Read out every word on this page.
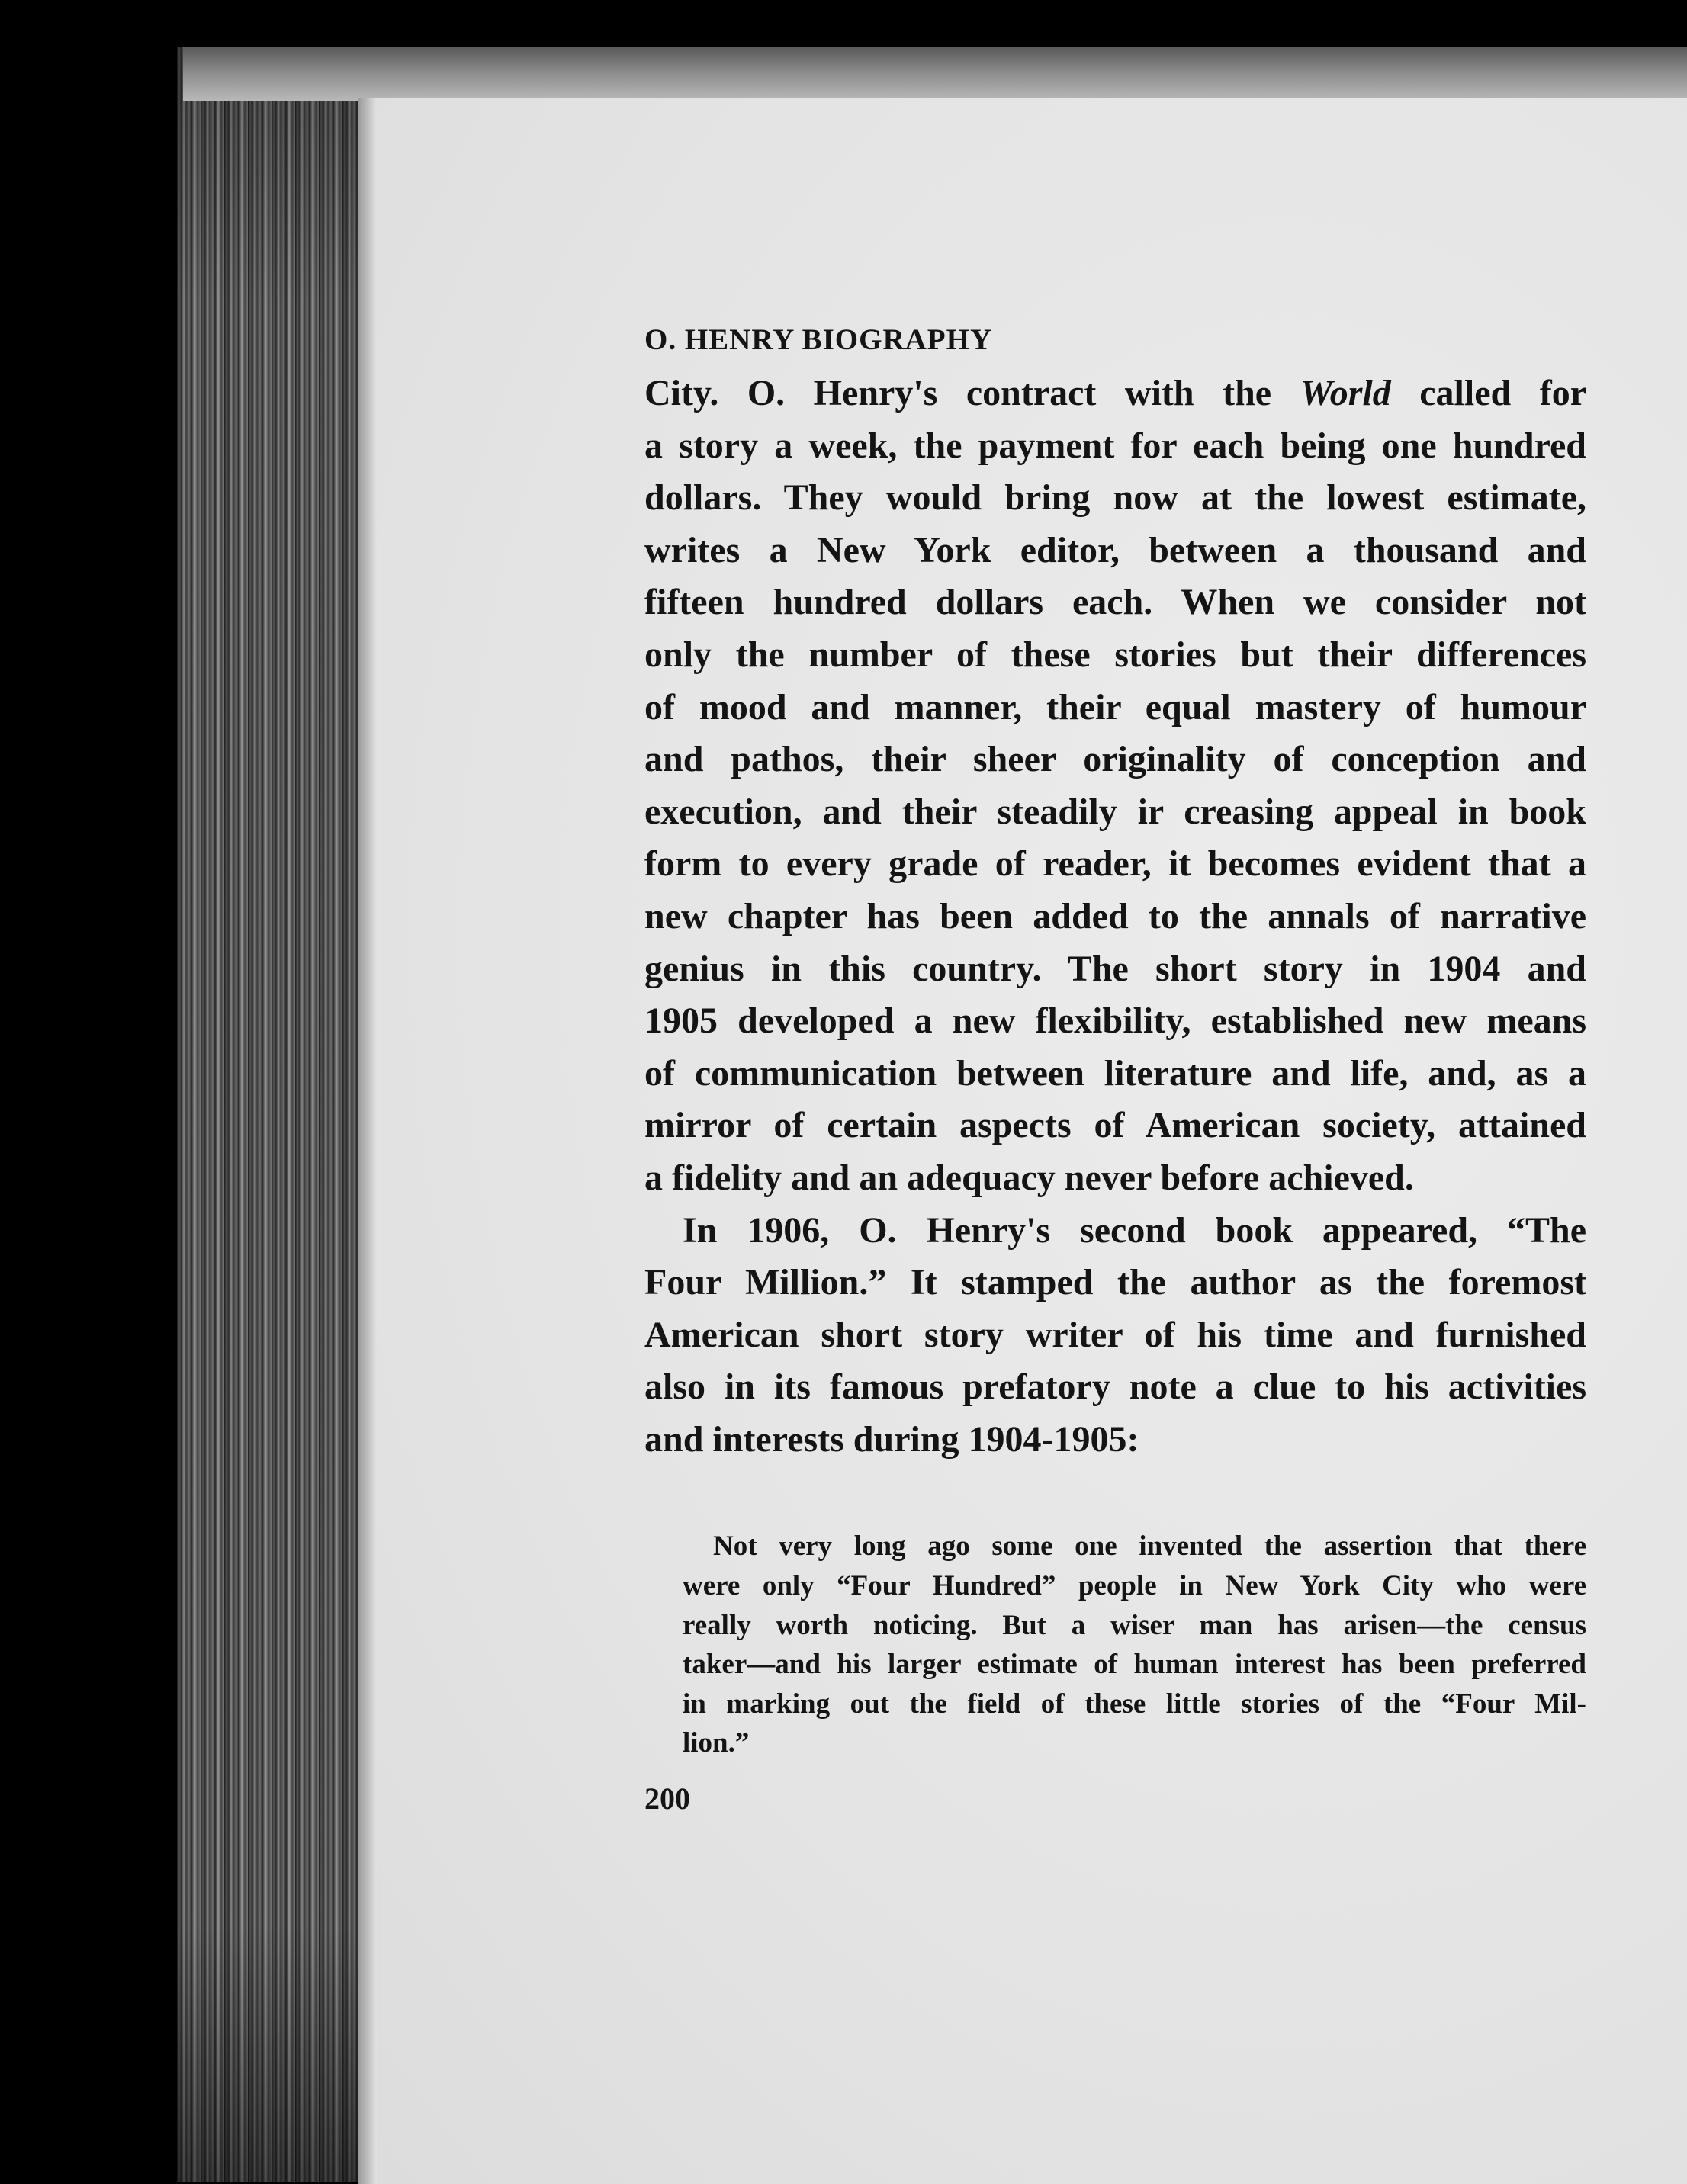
O. HENRY BIOGRAPHY
City. O. Henry's contract with the World called for
a story a week, the payment for each being one hundred
dollars. They would bring now at the lowest estimate,
writes a New York editor, between a thousand and
fifteen hundred dollars each. When we consider not
only the number of these stories but their differences
of mood and manner, their equal mastery of humour
and pathos, their sheer originality of conception and
execution, and their steadily ir creasing appeal in book
form to every grade of reader, it becomes evident that a
new chapter has been added to the annals of narrative
genius in this country. The short story in 1904 and
1905 developed a new flexibility, established new means
of communication between literature and life, and, as a
mirror of certain aspects of American society, attained
a fidelity and an adequacy never before achieved.
In 1906, O. Henry's second book appeared, “The
Four Million.” It stamped the author as the foremost
American short story writer of his time and furnished
also in its famous prefatory note a clue to his activities
and interests during 1904-1905:
Not very long ago some one invented the assertion that there
were only “Four Hundred” people in New York City who were
really worth noticing. But a wiser man has arisen—the census
taker—and his larger estimate of human interest has been preferred
in marking out the field of these little stories of the “Four Mil-
lion.”
200
